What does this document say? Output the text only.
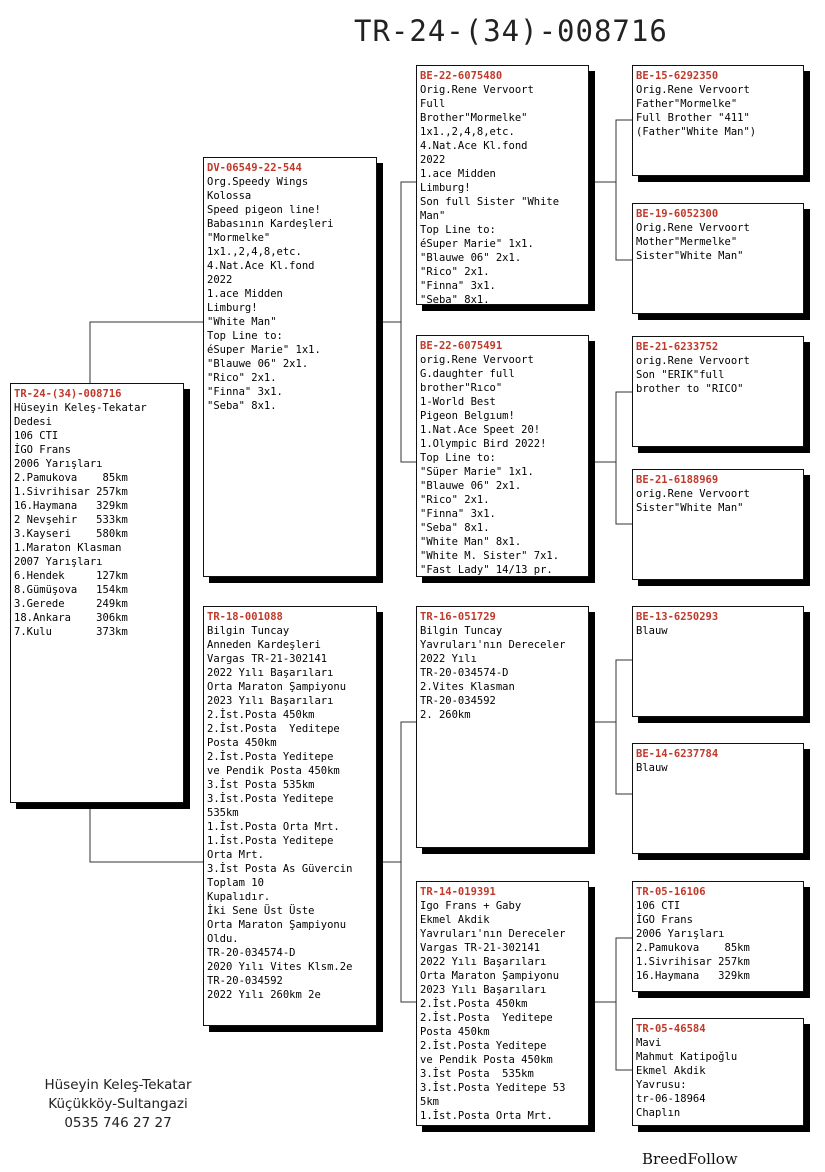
TR-24-(34)-008716
TR-24-(34)-008716
Hüseyin Keleş-Tekatar
Dedesi
106 CTI
İGO Frans
2006 Yarışları
2.Pamukova    85km
1.Sivrihisar 257km
16.Haymana   329km
2 Nevşehir   533km
3.Kayseri    580km
1.Maraton Klasman
2007 Yarışları
6.Hendek     127km
8.Gümüşova   154km
3.Gerede     249km
18.Ankara    306km
7.Kulu       373km
DV-06549-22-544
Org.Speedy Wings
Kolossa
Speed pigeon line!
Babasının Kardeşleri
"Mormelke"
1x1.,2,4,8,etc.
4.Nat.Ace Kl.fond
2022
1.ace Midden
Limburg!
"White Man"
Top Line to:
éSuper Marie" 1x1.
"Blauwe 06" 2x1.
"Rico" 2x1.
"Finna" 3x1.
"Seba" 8x1.
TR-18-001088
Bilgin Tuncay
Anneden Kardeşleri
Vargas TR-21-302141
2022 Yılı Başarıları
Orta Maraton Şampiyonu
2023 Yılı Başarıları
2.İst.Posta 450km
2.İst.Posta  Yeditepe
Posta 450km
2.İst.Posta Yeditepe
ve Pendik Posta 450km
3.İst Posta 535km
3.İst.Posta Yeditepe
535km
1.İst.Posta Orta Mrt.
1.İst.Posta Yeditepe
Orta Mrt.
3.İst Posta As Güvercin
Toplam 10
Kupalıdır.
İki Sene Üst Üste
Orta Maraton Şampiyonu
Oldu.
TR-20-034574-D
2020 Yılı Vites Klsm.2e
TR-20-034592
2022 Yılı 260km 2e
BE-22-6075480
Orig.Rene Vervoort
Full
Brother"Mormelke"
1x1.,2,4,8,etc.
4.Nat.Ace Kl.fond
2022
1.ace Midden
Limburg!
Son full Sister "White
Man"
Top Line to:
éSuper Marie" 1x1.
"Blauwe 06" 2x1.
"Rico" 2x1.
"Finna" 3x1.
"Seba" 8x1.
BE-22-6075491
orig.Rene Vervoort
G.daughter full
brother"Rıco"
1-World Best
Pigeon Belgıum!
1.Nat.Ace Speet 20!
1.Olympic Bird 2022!
Top Line to:
"Süper Marie" 1x1.
"Blauwe 06" 2x1.
"Rico" 2x1.
"Finna" 3x1.
"Seba" 8x1.
"White Man" 8x1.
"White M. Sister" 7x1.
"Fast Lady" 14/13 pr.
TR-16-051729
Bilgin Tuncay
Yavruları'nın Dereceler
2022 Yılı
TR-20-034574-D
2.Vites Klasman
TR-20-034592
2. 260km
TR-14-019391
Igo Frans + Gaby
Ekmel Akdik
Yavruları'nın Dereceler
Vargas TR-21-302141
2022 Yılı Başarıları
Orta Maraton Şampiyonu
2023 Yılı Başarıları
2.İst.Posta 450km
2.İst.Posta  Yeditepe
Posta 450km
2.İst.Posta Yeditepe
ve Pendik Posta 450km
3.İst Posta  535km
3.İst.Posta Yeditepe 53
5km
1.İst.Posta Orta Mrt.
BE-15-6292350
Orig.Rene Vervoort
Father"Mormelke"
Full Brother "411"
(Father"White Man")
BE-19-6052300
Orig.Rene Vervoort
Mother"Mermelke"
Sister"White Man"
BE-21-6233752
orig.Rene Vervoort
Son "ERIK"full
brother to "RICO"
BE-21-6188969
orig.Rene Vervoort
Sister"White Man"
BE-13-6250293
Blauw
BE-14-6237784
Blauw
TR-05-16106
106 CTI
İGO Frans
2006 Yarışları
2.Pamukova    85km
1.Sivrihisar 257km
16.Haymana   329km
TR-05-46584
Mavi
Mahmut Katipoğlu
Ekmel Akdik
Yavrusu:
tr-06-18964
Chaplın
Hüseyin Keleş-Tekatar
Küçükköy-Sultangazi
0535 746 27 27
BreedFollow
